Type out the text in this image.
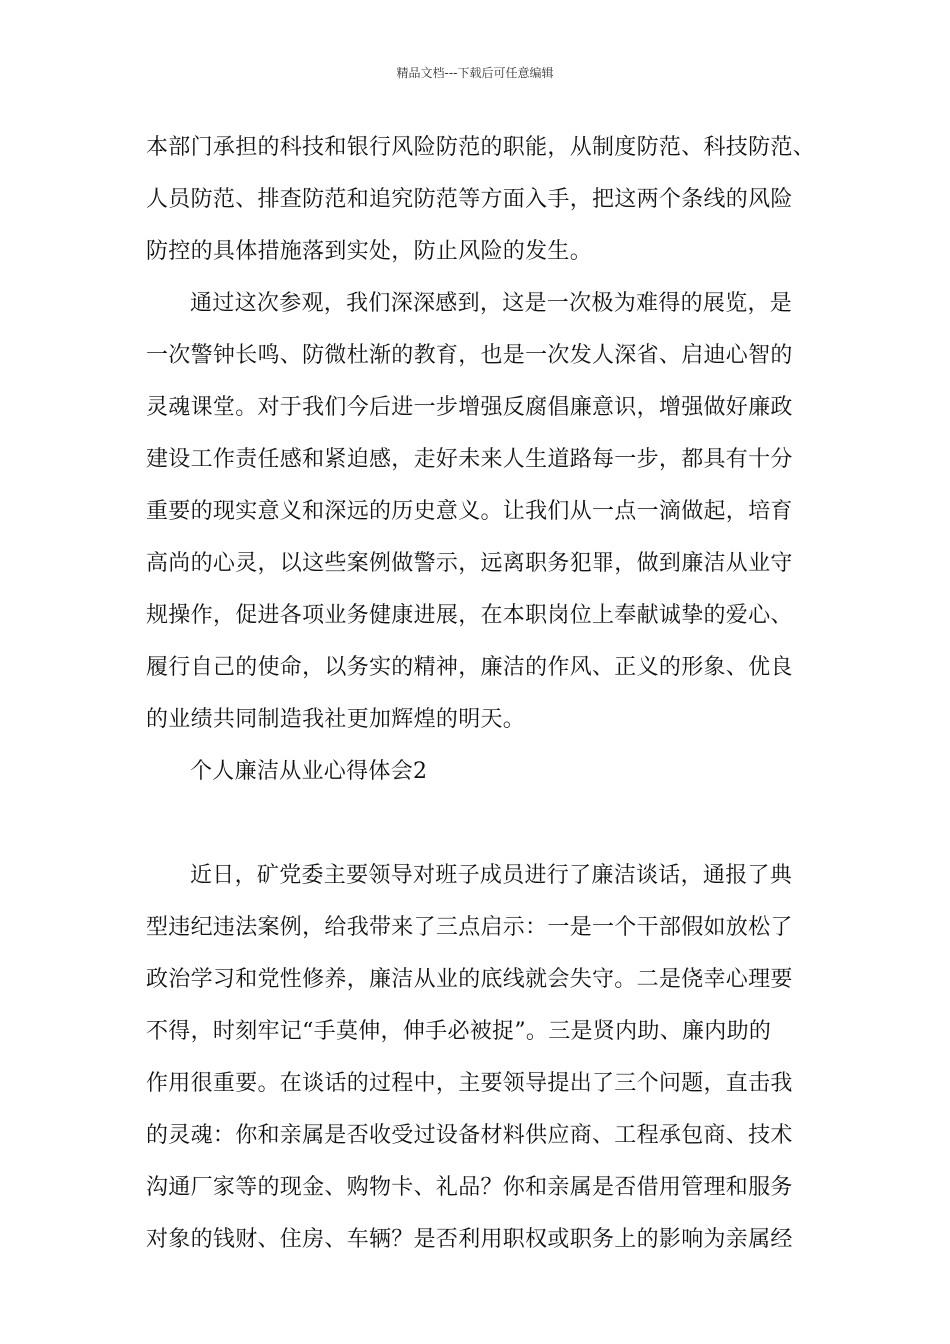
精品文档---下载后可任意编辑
本部门承担的科技和银行风险防范的职能，从制度防范、科技防范、
人员防范、排查防范和追究防范等方面入手，把这两个条线的风险
防控的具体措施落到实处，防止风险的发生。
通过这次参观，我们深深感到，这是一次极为难得的展览，是
一次警钟长鸣、防微杜渐的教育，也是一次发人深省、启迪心智的
灵魂课堂。对于我们今后进一步增强反腐倡廉意识，增强做好廉政
建设工作责任感和紧迫感，走好未来人生道路每一步，都具有十分
重要的现实意义和深远的历史意义。让我们从一点一滴做起，培育
高尚的心灵，以这些案例做警示，远离职务犯罪，做到廉洁从业守
规操作，促进各项业务健康进展，在本职岗位上奉献诚挚的爱心、
履行自己的使命，以务实的精神，廉洁的作风、正义的形象、优良
的业绩共同制造我社更加辉煌的明天。
个人廉洁从业心得体会2
近日，矿党委主要领导对班子成员进行了廉洁谈话，通报了典
型违纪违法案例，给我带来了三点启示：一是一个干部假如放松了
政治学习和党性修养，廉洁从业的底线就会失守。二是侥幸心理要
不得，时刻牢记“手莫伸，伸手必被捉”。三是贤内助、廉内助的
作用很重要。在谈话的过程中，主要领导提出了三个问题，直击我
的灵魂：你和亲属是否收受过设备材料供应商、工程承包商、技术
沟通厂家等的现金、购物卡、礼品？你和亲属是否借用管理和服务
对象的钱财、住房、车辆？是否利用职权或职务上的影响为亲属经
